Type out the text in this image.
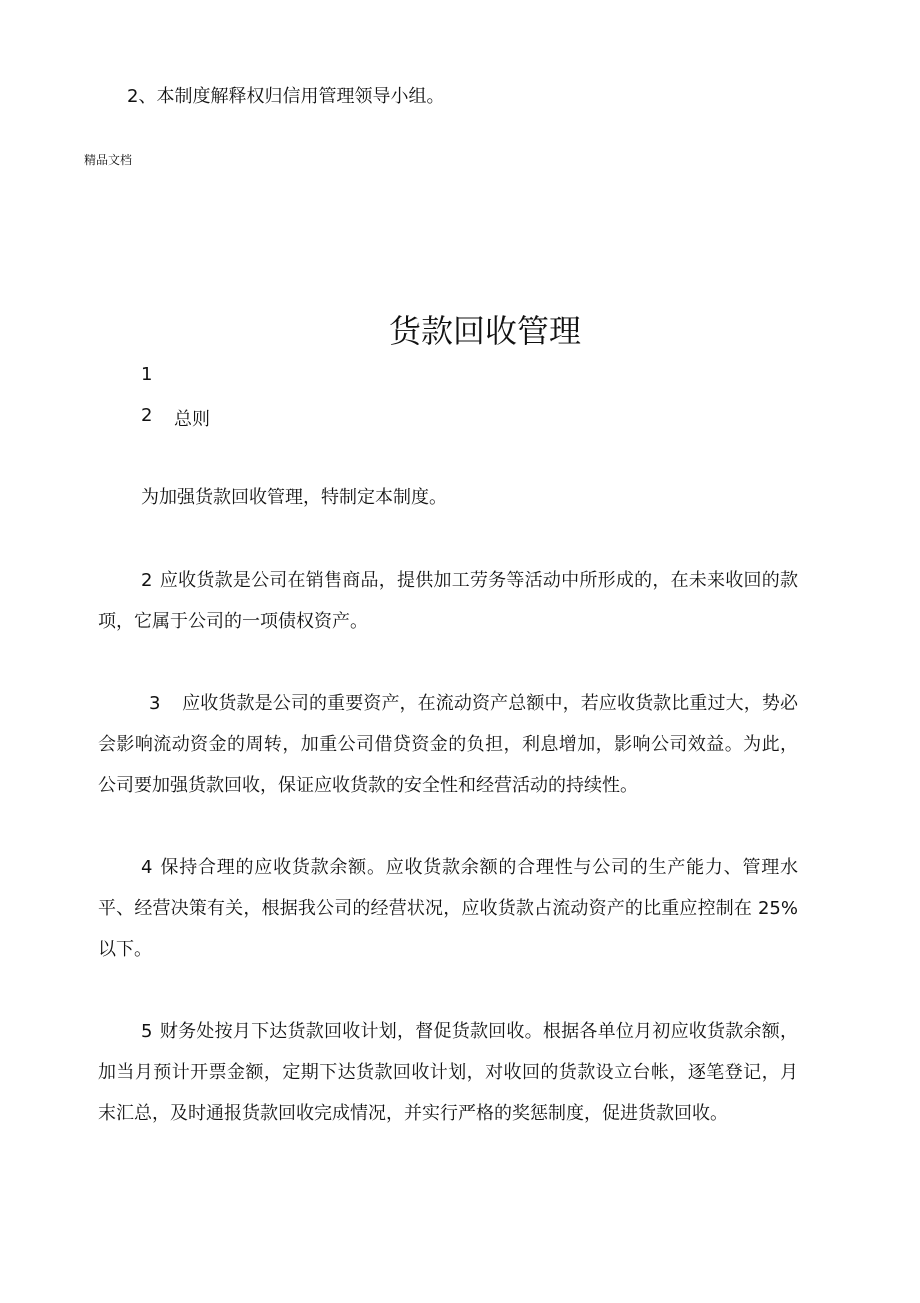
2、本制度解释权归信用管理领导小组。
精品文档
货款回收管理
1
2 总则
为加强货款回收管理，特制定本制度。
2 应收货款是公司在销售商品，提供加工劳务等活动中所形成的，在未来收回的款项，它属于公司的一项债权资产。
3 应收货款是公司的重要资产，在流动资产总额中，若应收货款比重过大，势必会影响流动资金的周转，加重公司借贷资金的负担，利息增加，影响公司效益。为此，公司要加强货款回收，保证应收货款的安全性和经营活动的持续性。
4 保持合理的应收货款余额。应收货款余额的合理性与公司的生产能力、管理水平、经营决策有关，根据我公司的经营状况，应收货款占流动资产的比重应控制在 25%以下。
5 财务处按月下达货款回收计划，督促货款回收。根据各单位月初应收货款余额，加当月预计开票金额，定期下达货款回收计划，对收回的货款设立台帐，逐笔登记，月末汇总，及时通报货款回收完成情况，并实行严格的奖惩制度，促进货款回收。
